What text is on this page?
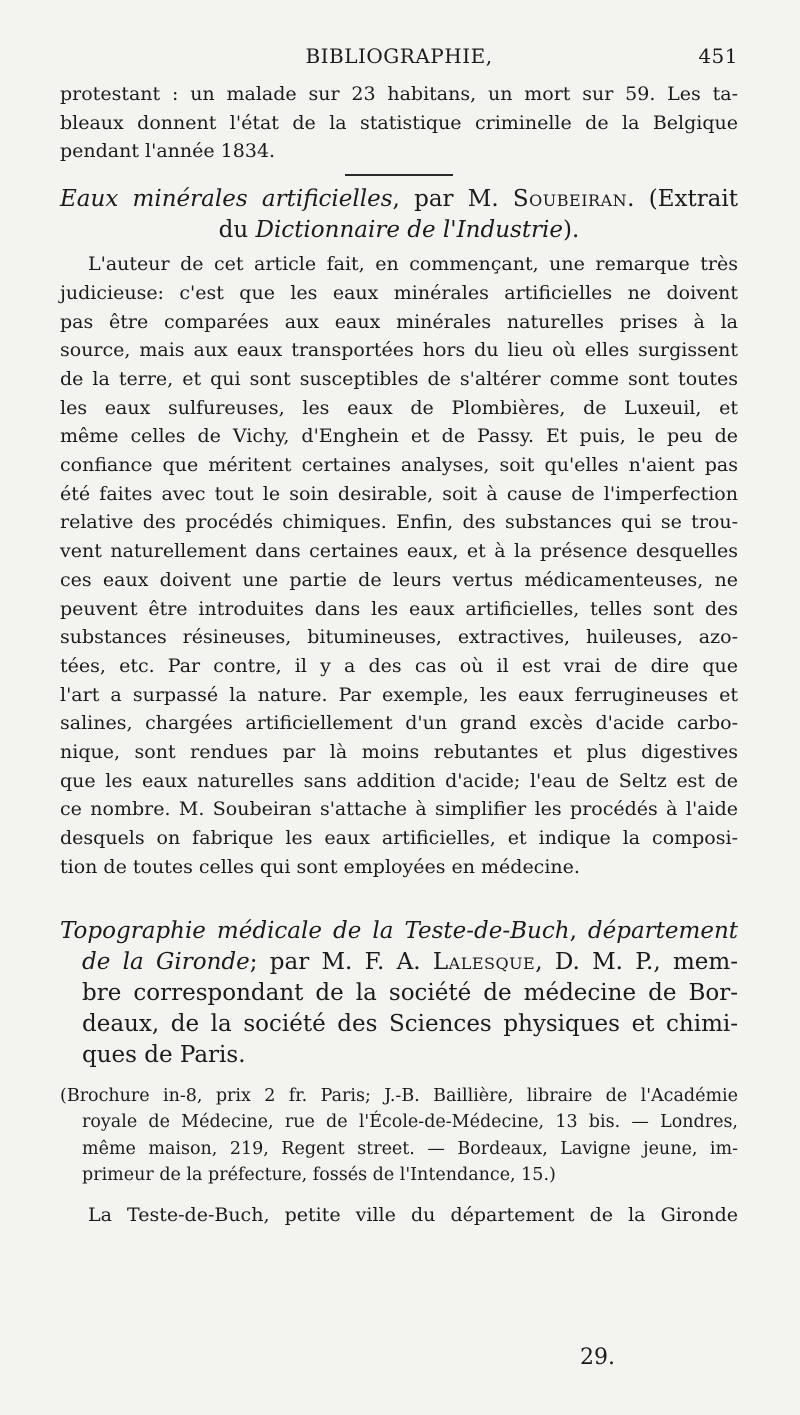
BIBLIOGRAPHIE,	451
protestant : un malade sur 23 habitans, un mort sur 59. Les ta-
bleaux donnent l'état de la statistique criminelle de la Belgique
pendant l'année 1834.
Eaux minérales artificielles, par M. Soubeiran. (Extrait
du Dictionnaire de l'Industrie).
L'auteur de cet article fait, en commençant, une remarque très
judicieuse: c'est que les eaux minérales artificielles ne doivent
pas être comparées aux eaux minérales naturelles prises à la
source, mais aux eaux transportées hors du lieu où elles surgissent
de la terre, et qui sont susceptibles de s'altérer comme sont toutes
les eaux sulfureuses, les eaux de Plombières, de Luxeuil, et
même celles de Vichy, d'Enghein et de Passy. Et puis, le peu de
confiance que méritent certaines analyses, soit qu'elles n'aient pas
été faites avec tout le soin desirable, soit à cause de l'imperfection
relative des procédés chimiques. Enfin, des substances qui se trou-
vent naturellement dans certaines eaux, et à la présence desquelles
ces eaux doivent une partie de leurs vertus médicamenteuses, ne
peuvent être introduites dans les eaux artificielles, telles sont des
substances résineuses, bitumineuses, extractives, huileuses, azo-
tées, etc. Par contre, il y a des cas où il est vrai de dire que
l'art a surpassé la nature. Par exemple, les eaux ferrugineuses et
salines, chargées artificiellement d'un grand excès d'acide carbo-
nique, sont rendues par là moins rebutantes et plus digestives
que les eaux naturelles sans addition d'acide; l'eau de Seltz est de
ce nombre. M. Soubeiran s'attache à simplifier les procédés à l'aide
desquels on fabrique les eaux artificielles, et indique la composi-
tion de toutes celles qui sont employées en médecine.
Topographie médicale de la Teste-de-Buch, département
de la Gironde; par M. F. A. Lalesque, D. M. P., mem-
bre correspondant de la société de médecine de Bor-
deaux, de la société des Sciences physiques et chimi-
ques de Paris.
(Brochure in-8, prix 2 fr. Paris; J.-B. Baillière, libraire de l'Académie
royale de Médecine, rue de l'École-de-Médecine, 13 bis. — Londres,
même maison, 219, Regent street. — Bordeaux, Lavigne jeune, im-
primeur de la préfecture, fossés de l'Intendance, 15.)
La Teste-de-Buch, petite ville du département de la Gironde
29.
